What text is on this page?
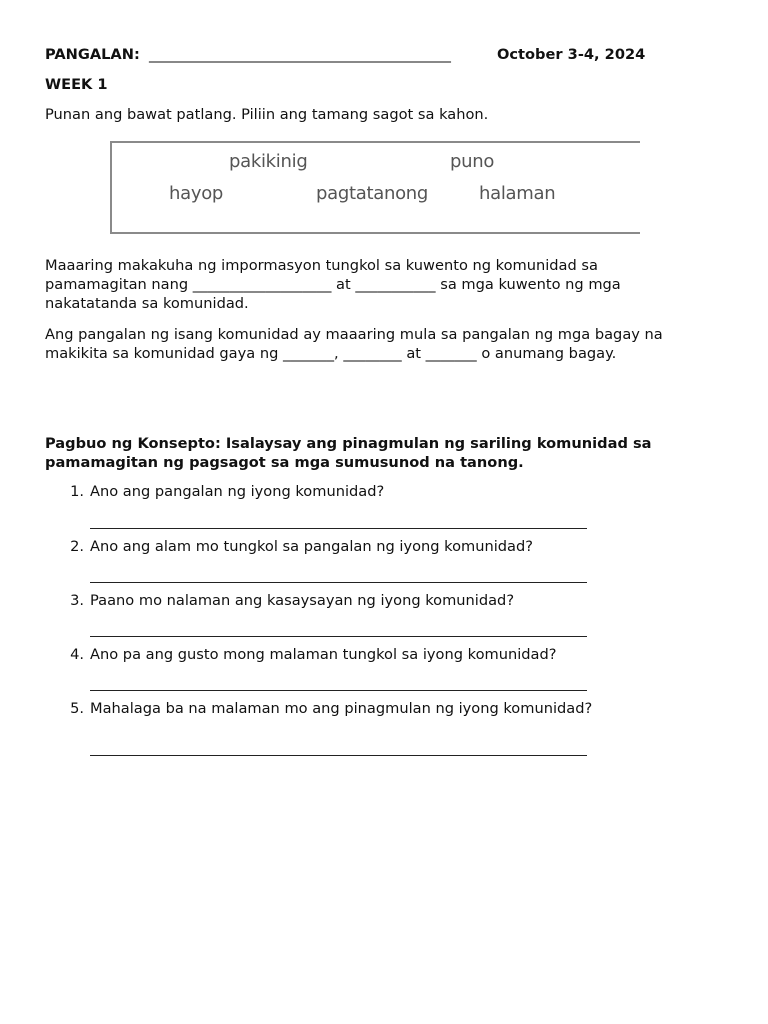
PANGALAN: _____________________________________________	October 3-4, 2024
WEEK 1
Punan ang bawat patlang. Piliin ang tamang sagot sa kahon.
pakikinig	puno
hayop	pagtatanong	halaman
Maaaring makakuha ng impormasyon tungkol sa kuwento ng komunidad sa
pamamagitan nang ___________________ at ___________ sa mga kuwento ng mga
nakatatanda sa komunidad.
Ang pangalan ng isang komunidad ay maaaring mula sa pangalan ng mga bagay na
makikita sa komunidad gaya ng _______, ________ at _______ o anumang bagay.
Pagbuo ng Konsepto: Isalaysay ang pinagmulan ng sariling komunidad sa
pamamagitan ng pagsagot sa mga sumusunod na tanong.
1. Ano ang pangalan ng iyong komunidad?
2. Ano ang alam mo tungkol sa pangalan ng iyong komunidad?
3. Paano mo nalaman ang kasaysayan ng iyong komunidad?
4. Ano pa ang gusto mong malaman tungkol sa iyong komunidad?
5. Mahalaga ba na malaman mo ang pinagmulan ng iyong komunidad?
